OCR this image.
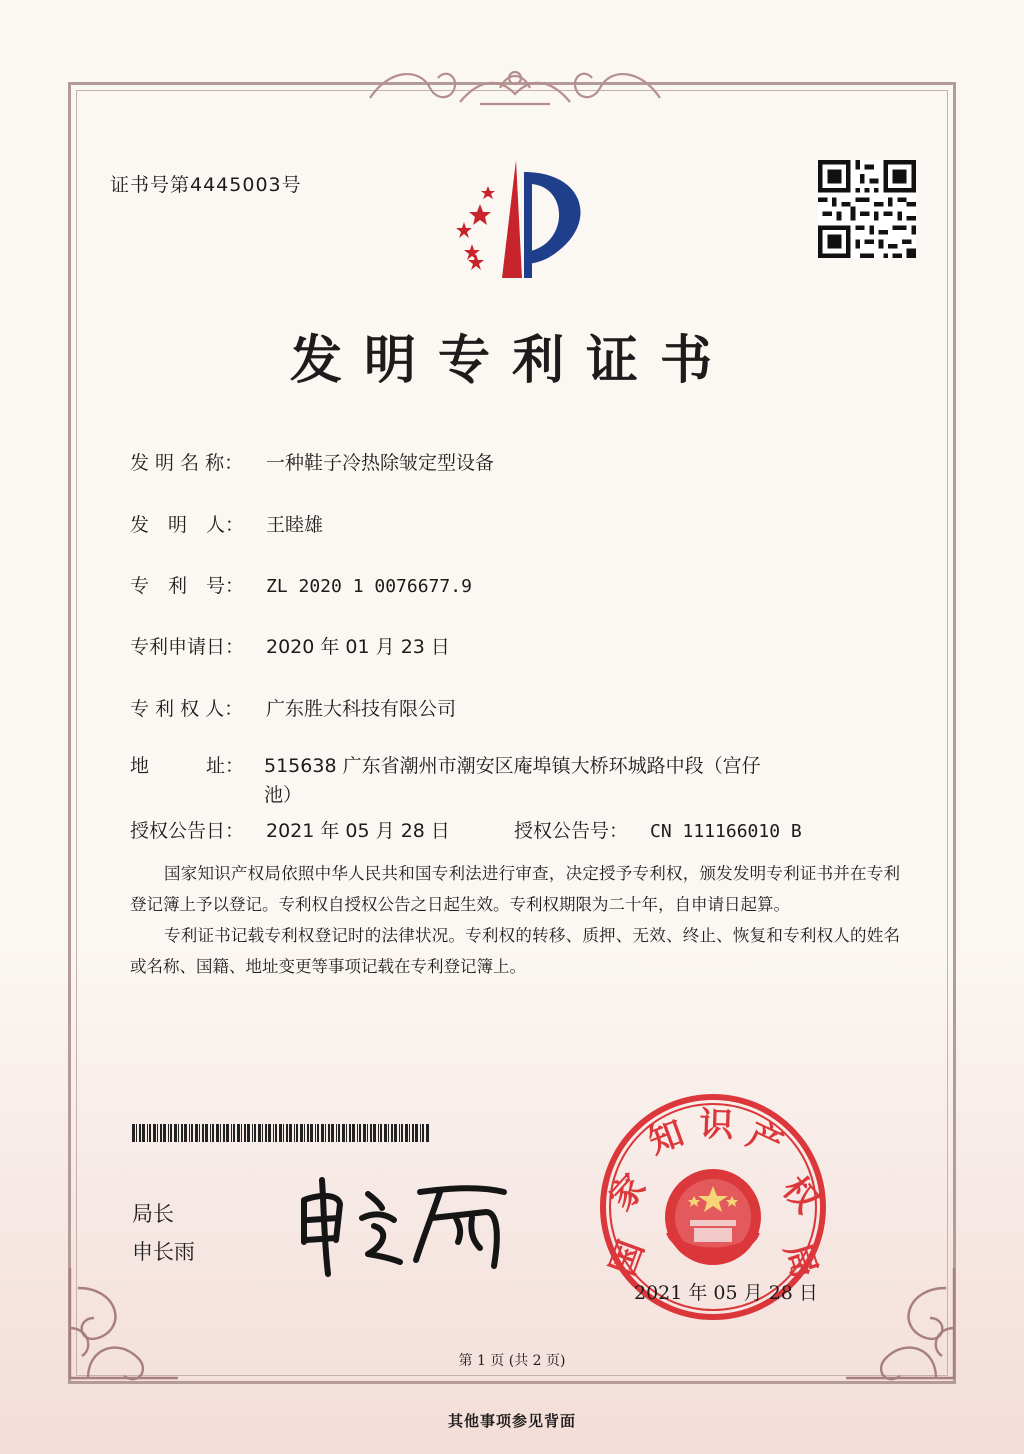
证书号第4445003号
发明专利证书
发 明 名 称： 一种鞋子冷热除皱定型设备
发　明　人： 王睦雄
专　利　号： ZL 2020 1 0076677.9
专利申请日： 2020 年 01 月 23 日
专 利 权 人： 广东胜大科技有限公司
地　　　址：	515638 广东省潮州市潮安区庵埠镇大桥环城路中段（宫仔池）
授权公告日： 2021 年 05 月 28 日	授权公告号： CN 111166010 B

国家知识产权局依照中华人民共和国专利法进行审查，决定授予专利权，颁发发明专利证书并在专利登记簿上予以登记。专利权自授权公告之日起生效。专利权期限为二十年，自申请日起算。

专利证书记载专利权登记时的法律状况。专利权的转移、质押、无效、终止、恢复和专利权人的姓名或名称、国籍、地址变更等事项记载在专利登记簿上。

局长
申长雨	国
家
知 识 产
权
局
2021 年 05 月 28 日
第 1 页 (共 2 页)
其他事项参见背面
